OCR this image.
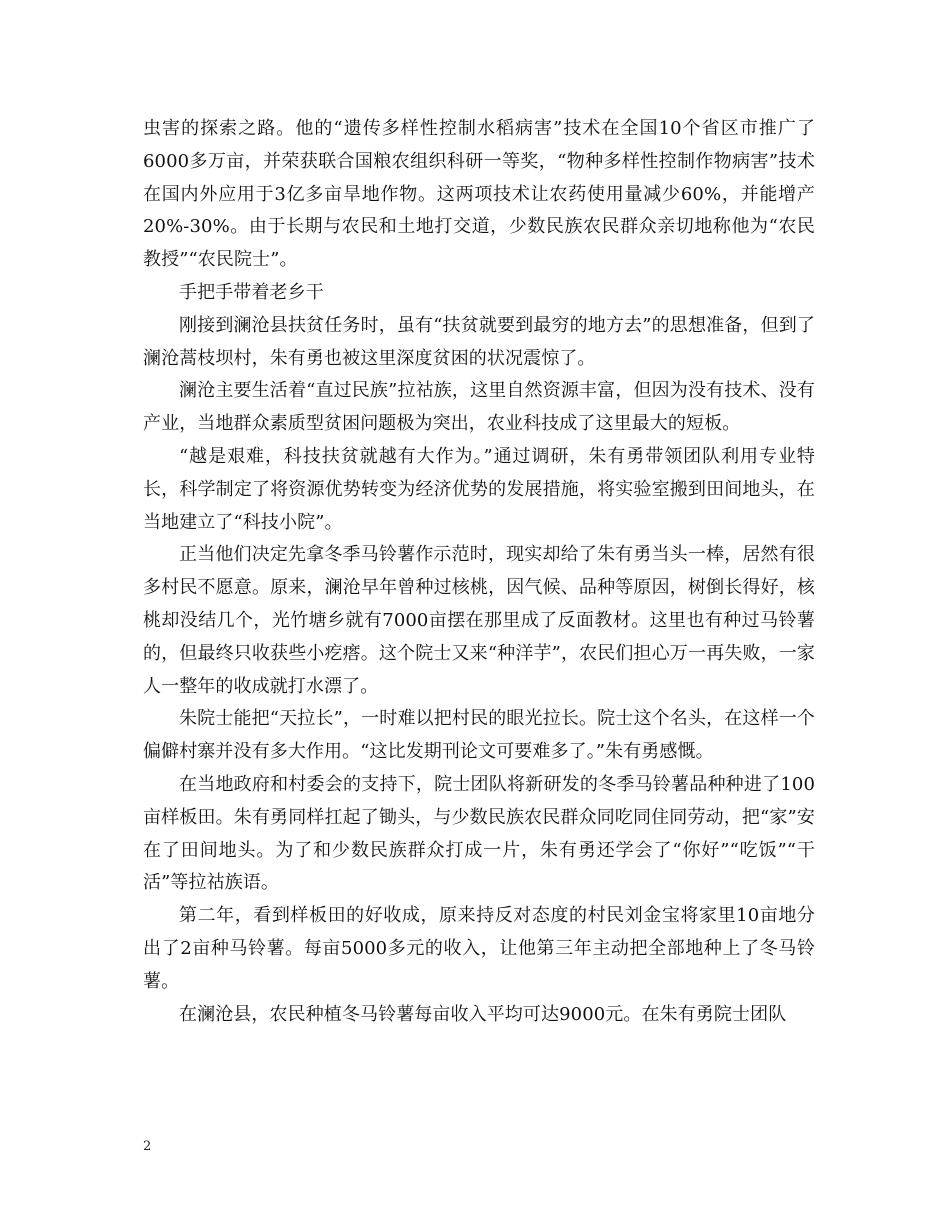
虫害的探索之路。他的“遗传多样性控制水稻病害”技术在全国10个省区市推广了6000多万亩，并荣获联合国粮农组织科研一等奖，“物种多样性控制作物病害”技术在国内外应用于3亿多亩旱地作物。这两项技术让农药使用量减少60%，并能增产20%-30%。由于长期与农民和土地打交道，少数民族农民群众亲切地称他为“农民教授”“农民院士”。

手把手带着老乡干

刚接到澜沧县扶贫任务时，虽有“扶贫就要到最穷的地方去”的思想准备，但到了澜沧蒿枝坝村，朱有勇也被这里深度贫困的状况震惊了。

澜沧主要生活着“直过民族”拉祜族，这里自然资源丰富，但因为没有技术、没有产业，当地群众素质型贫困问题极为突出，农业科技成了这里最大的短板。

“越是艰难，科技扶贫就越有大作为。”通过调研，朱有勇带领团队利用专业特长，科学制定了将资源优势转变为经济优势的发展措施，将实验室搬到田间地头，在当地建立了“科技小院”。

正当他们决定先拿冬季马铃薯作示范时，现实却给了朱有勇当头一棒，居然有很多村民不愿意。原来，澜沧早年曾种过核桃，因气候、品种等原因，树倒长得好，核桃却没结几个，光竹塘乡就有7000亩摆在那里成了反面教材。这里也有种过马铃薯的，但最终只收获些小疙瘩。这个院士又来“种洋芋”，农民们担心万一再失败，一家人一整年的收成就打水漂了。

朱院士能把“天拉长”，一时难以把村民的眼光拉长。院士这个名头，在这样一个偏僻村寨并没有多大作用。“这比发期刊论文可要难多了。”朱有勇感慨。

在当地政府和村委会的支持下，院士团队将新研发的冬季马铃薯品种种进了100亩样板田。朱有勇同样扛起了锄头，与少数民族农民群众同吃同住同劳动，把“家”安在了田间地头。为了和少数民族群众打成一片，朱有勇还学会了“你好”“吃饭”“干活”等拉祜族语。

第二年，看到样板田的好收成，原来持反对态度的村民刘金宝将家里10亩地分出了2亩种马铃薯。每亩5000多元的收入，让他第三年主动把全部地种上了冬马铃薯。

在澜沧县，农民种植冬马铃薯每亩收入平均可达9000元。在朱有勇院士团队

2
